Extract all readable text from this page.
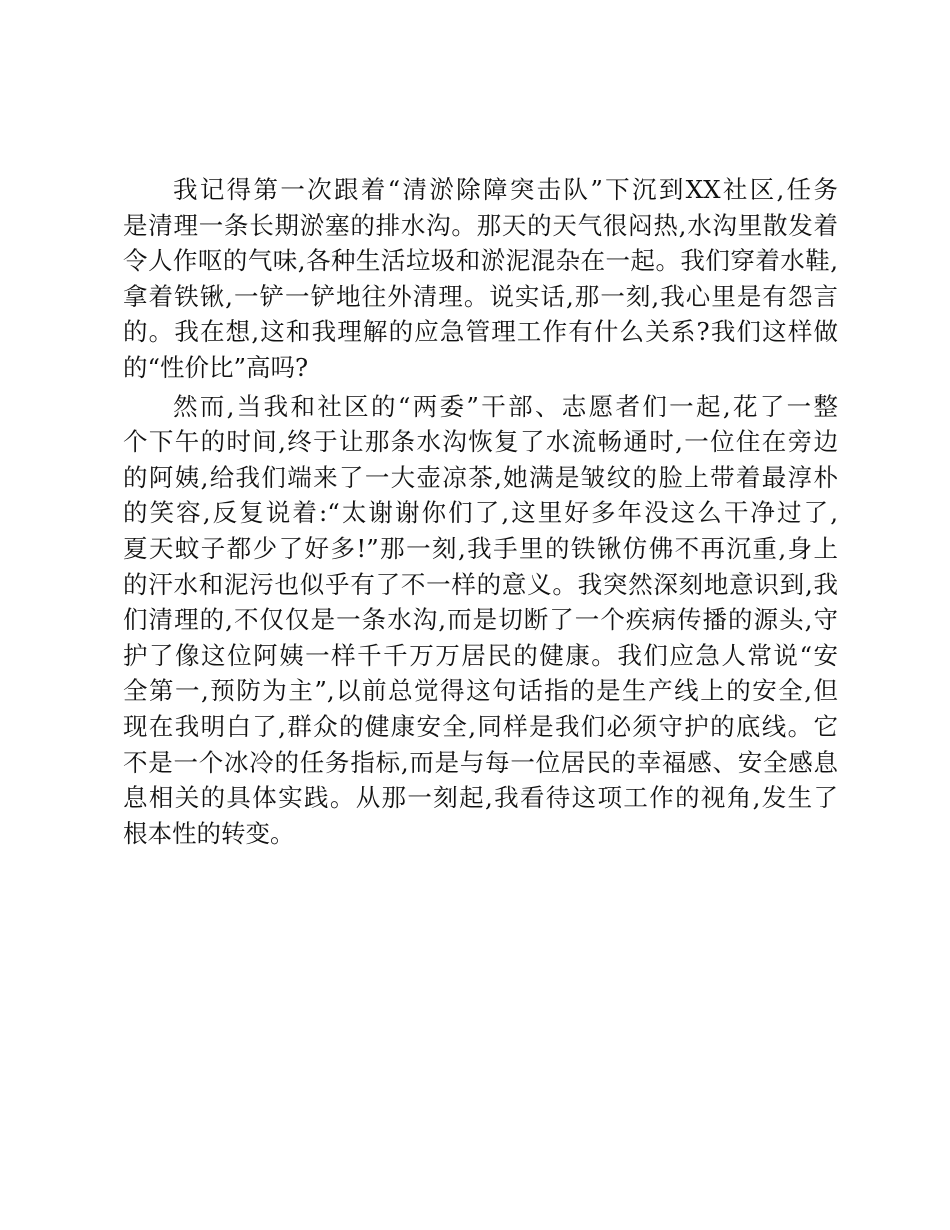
我记得第一次跟着“清淤除障突击队”下沉到XX社区,任务
是清理一条长期淤塞的排水沟。那天的天气很闷热,水沟里散发着
令人作呕的气味,各种生活垃圾和淤泥混杂在一起。我们穿着水鞋,
拿着铁锹,一铲一铲地往外清理。说实话,那一刻,我心里是有怨言
的。我在想,这和我理解的应急管理工作有什么关系?我们这样做
的“性价比”高吗?
然而,当我和社区的“两委”干部、志愿者们一起,花了一整
个下午的时间,终于让那条水沟恢复了水流畅通时,一位住在旁边
的阿姨,给我们端来了一大壶凉茶,她满是皱纹的脸上带着最淳朴
的笑容,反复说着:“太谢谢你们了,这里好多年没这么干净过了,
夏天蚊子都少了好多!”那一刻,我手里的铁锹仿佛不再沉重,身上
的汗水和泥污也似乎有了不一样的意义。我突然深刻地意识到,我
们清理的,不仅仅是一条水沟,而是切断了一个疾病传播的源头,守
护了像这位阿姨一样千千万万居民的健康。我们应急人常说“安
全第一,预防为主”,以前总觉得这句话指的是生产线上的安全,但
现在我明白了,群众的健康安全,同样是我们必须守护的底线。它
不是一个冰冷的任务指标,而是与每一位居民的幸福感、安全感息
息相关的具体实践。从那一刻起,我看待这项工作的视角,发生了
根本性的转变。
